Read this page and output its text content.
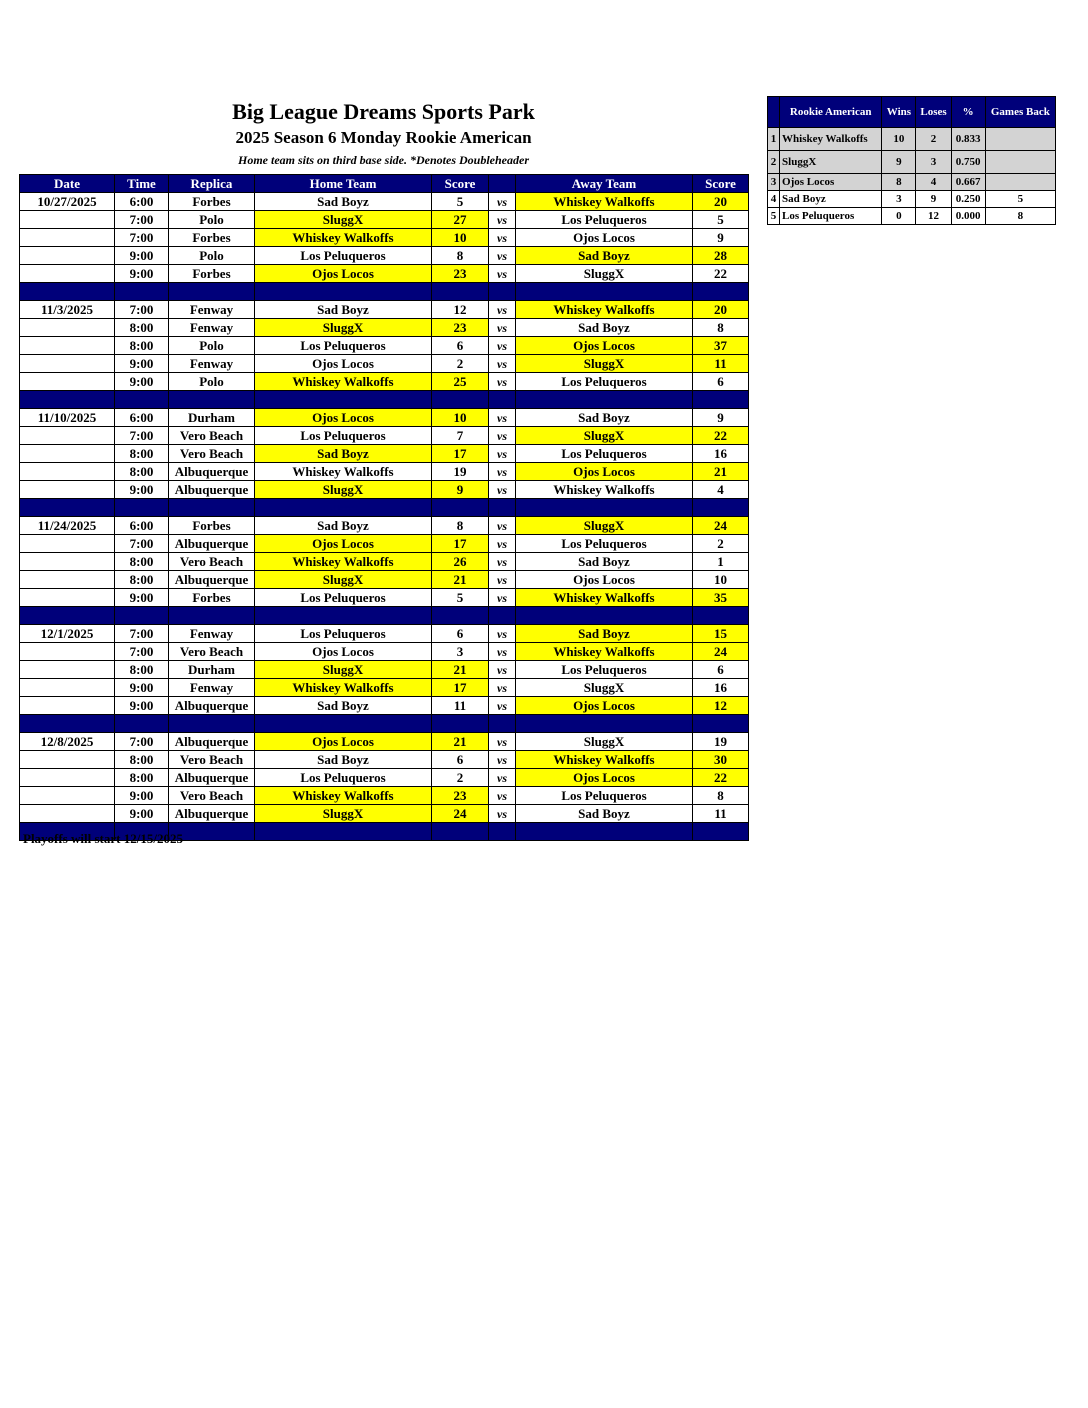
Big League Dreams Sports Park
2025 Season 6 Monday Rookie American
Home team sits on third base side. *Denotes Doubleheader
Date	Time	Replica	Home Team	Score		Away Team	Score
10/27/2025	6:00	Forbes	Sad Boyz	5	vs	Whiskey Walkoffs	20
	7:00	Polo	SluggX	27	vs	Los Peluqueros	5
	7:00	Forbes	Whiskey Walkoffs	10	vs	Ojos Locos	9
	9:00	Polo	Los Peluqueros	8	vs	Sad Boyz	28
	9:00	Forbes	Ojos Locos	23	vs	SluggX	22

11/3/2025	7:00	Fenway	Sad Boyz	12	vs	Whiskey Walkoffs	20
	8:00	Fenway	SluggX	23	vs	Sad Boyz	8
	8:00	Polo	Los Peluqueros	6	vs	Ojos Locos	37
	9:00	Fenway	Ojos Locos	2	vs	SluggX	11
	9:00	Polo	Whiskey Walkoffs	25	vs	Los Peluqueros	6

11/10/2025	6:00	Durham	Ojos Locos	10	vs	Sad Boyz	9
	7:00	Vero Beach	Los Peluqueros	7	vs	SluggX	22
	8:00	Vero Beach	Sad Boyz	17	vs	Los Peluqueros	16
	8:00	Albuquerque	Whiskey Walkoffs	19	vs	Ojos Locos	21
	9:00	Albuquerque	SluggX	9	vs	Whiskey Walkoffs	4

11/24/2025	6:00	Forbes	Sad Boyz	8	vs	SluggX	24
	7:00	Albuquerque	Ojos Locos	17	vs	Los Peluqueros	2
	8:00	Vero Beach	Whiskey Walkoffs	26	vs	Sad Boyz	1
	8:00	Albuquerque	SluggX	21	vs	Ojos Locos	10
	9:00	Forbes	Los Peluqueros	5	vs	Whiskey Walkoffs	35

12/1/2025	7:00	Fenway	Los Peluqueros	6	vs	Sad Boyz	15
	7:00	Vero Beach	Ojos Locos	3	vs	Whiskey Walkoffs	24
	8:00	Durham	SluggX	21	vs	Los Peluqueros	6
	9:00	Fenway	Whiskey Walkoffs	17	vs	SluggX	16
	9:00	Albuquerque	Sad Boyz	11	vs	Ojos Locos	12

12/8/2025	7:00	Albuquerque	Ojos Locos	21	vs	SluggX	19
	8:00	Vero Beach	Sad Boyz	6	vs	Whiskey Walkoffs	30
	8:00	Albuquerque	Los Peluqueros	2	vs	Ojos Locos	22
	9:00	Vero Beach	Whiskey Walkoffs	23	vs	Los Peluqueros	8
	9:00	Albuquerque	SluggX	24	vs	Sad Boyz	11

Playoffs will start 12/15/2025
	Rookie American	Wins	Loses	%	Games Back
1	Whiskey Walkoffs	10	2	0.833	
2	SluggX	9	3	0.750	
3	Ojos Locos	8	4	0.667	
4	Sad Boyz	3	9	0.250	5
5	Los Peluqueros	0	12	0.000	8
